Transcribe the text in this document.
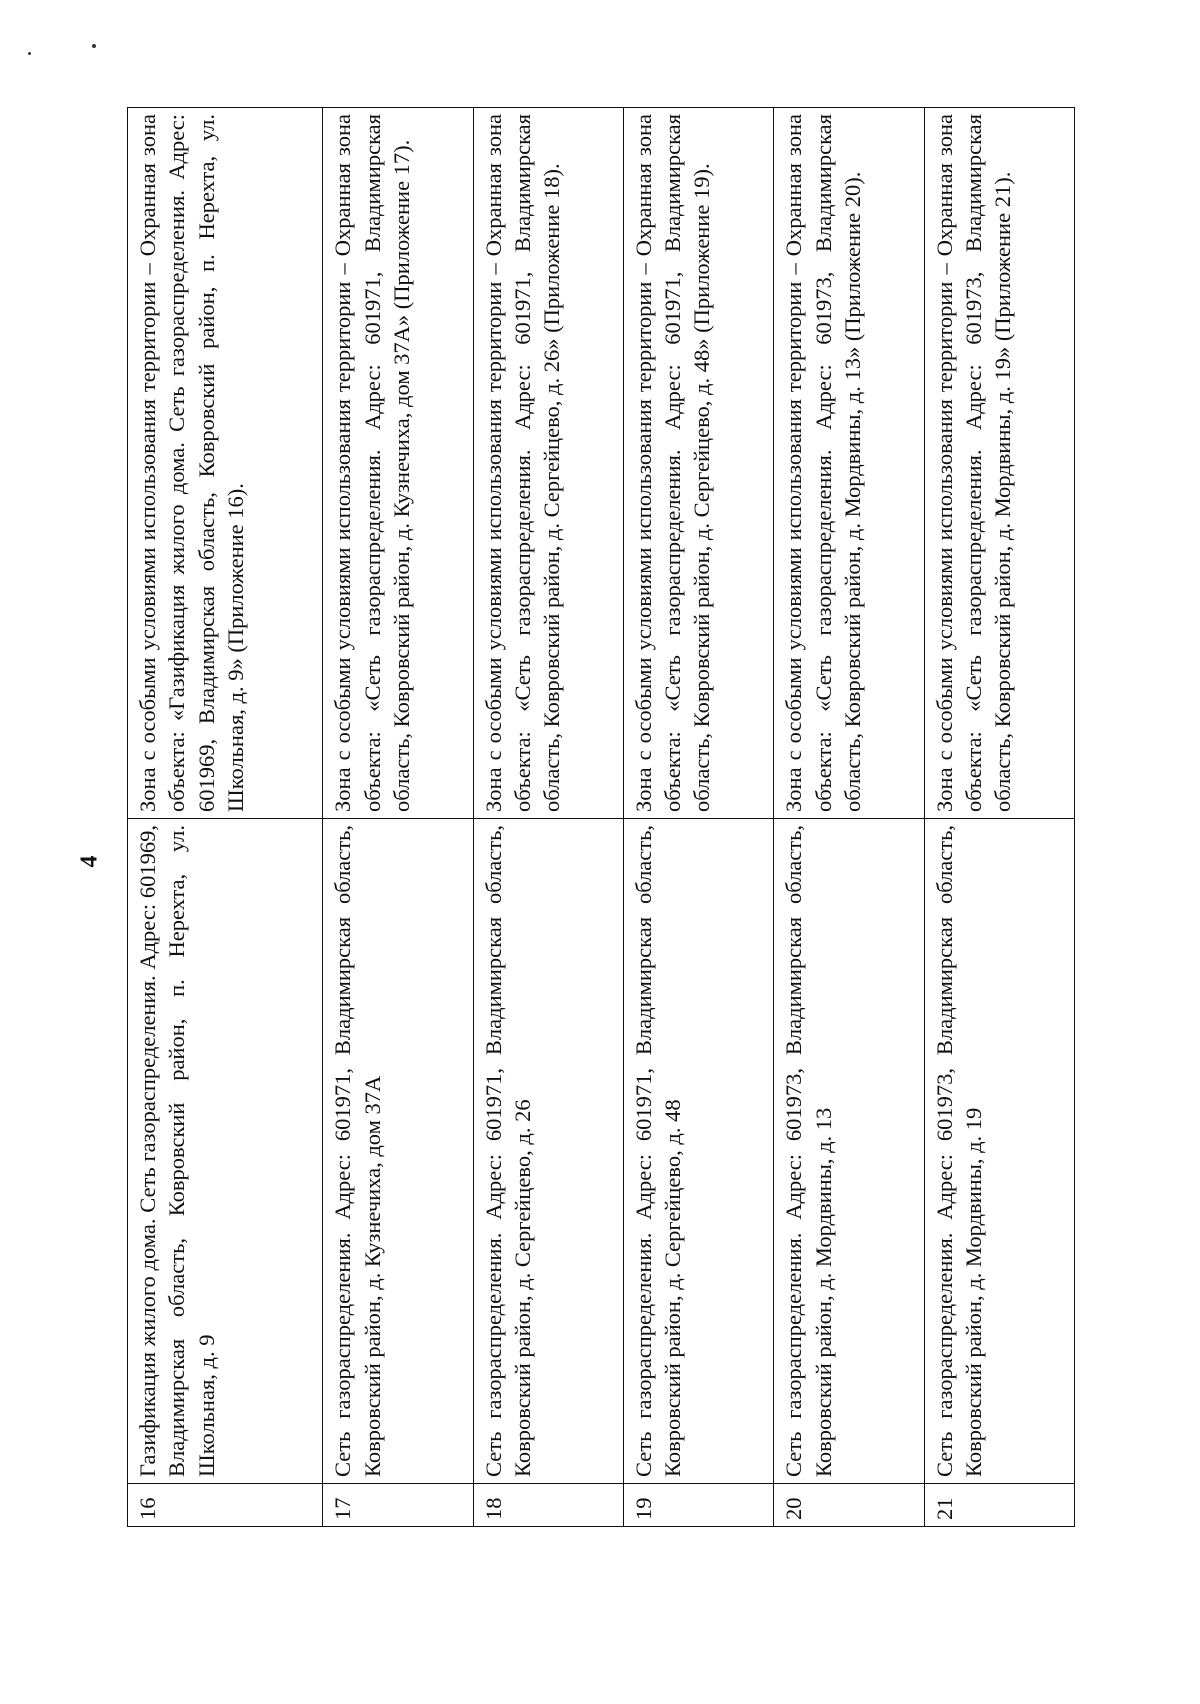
4
16	Газификация жилого дома. Сеть газораспределения. Адрес: 601969, Владимирская область, Ковровский район, п. Нерехта, ул. Школьная, д. 9	Зона с особыми условиями использования территории – Охранная зона объекта: «Газификация жилого дома. Сеть газораспределения. Адрес: 601969, Владимирская область, Ковровский район, п. Нерехта, ул. Школьная, д. 9» (Приложение 16).
17	Сеть газораспределения. Адрес: 601971, Владимирская область, Ковровский район, д. Кузнечиха, дом 37А	Зона с особыми условиями использования территории – Охранная зона объекта: «Сеть газораспределения. Адрес: 601971, Владимирская область, Ковровский район, д. Кузнечиха, дом 37А» (Приложение 17).
18	Сеть газораспределения. Адрес: 601971, Владимирская область, Ковровский район, д. Сергейцево, д. 26	Зона с особыми условиями использования территории – Охранная зона объекта: «Сеть газораспределения. Адрес: 601971, Владимирская область, Ковровский район, д. Сергейцево, д. 26» (Приложение 18).
19	Сеть газораспределения. Адрес: 601971, Владимирская область, Ковровский район, д. Сергейцево, д. 48	Зона с особыми условиями использования территории – Охранная зона объекта: «Сеть газораспределения. Адрес: 601971, Владимирская область, Ковровский район, д. Сергейцево, д. 48» (Приложение 19).
20	Сеть газораспределения. Адрес: 601973, Владимирская область, Ковровский район, д. Мордвины, д. 13	Зона с особыми условиями использования территории – Охранная зона объекта: «Сеть газораспределения. Адрес: 601973, Владимирская область, Ковровский район, д. Мордвины, д. 13» (Приложение 20).
21	Сеть газораспределения. Адрес: 601973, Владимирская область, Ковровский район, д. Мордвины, д. 19	Зона с особыми условиями использования территории – Охранная зона объекта: «Сеть газораспределения. Адрес: 601973, Владимирская область, Ковровский район, д. Мордвины, д. 19» (Приложение 21).
